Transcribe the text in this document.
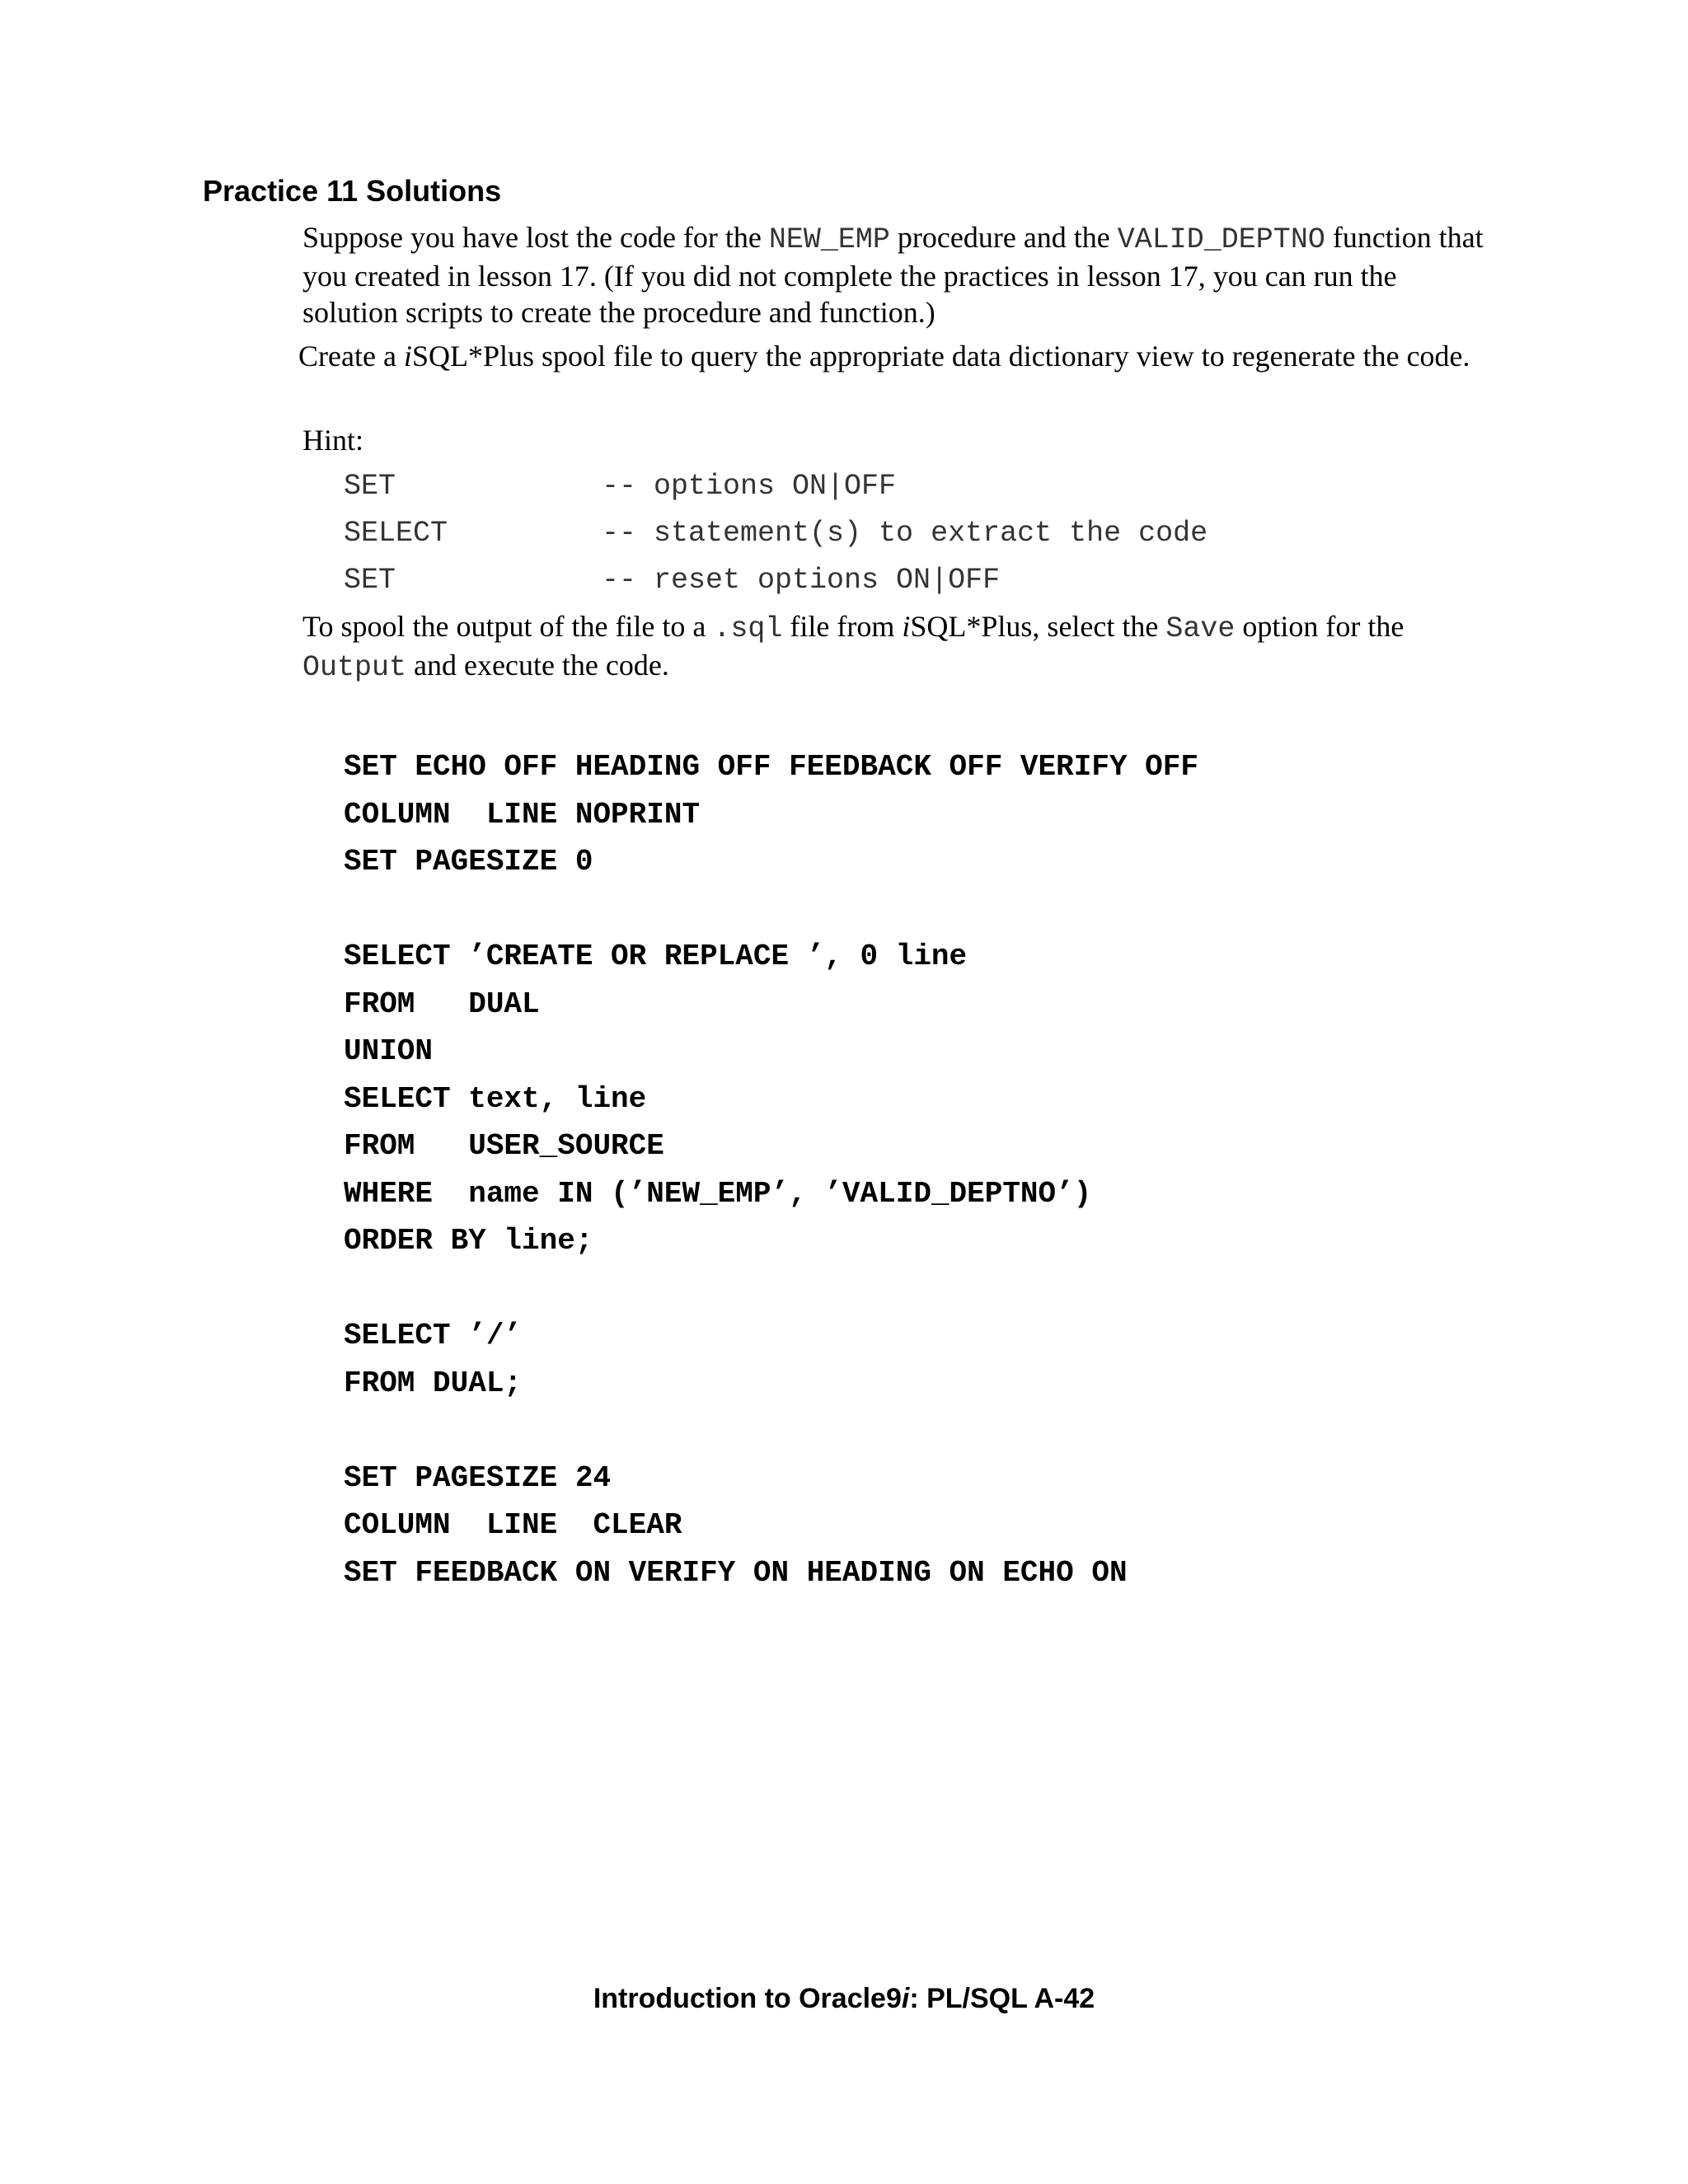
Practice 11 Solutions

Suppose you have lost the code for the NEW_EMP procedure and the VALID_DEPTNO function that you created in lesson 17. (If you did not complete the practices in lesson 17, you can run the solution scripts to create the procedure and function.)

Create a iSQL*Plus spool file to query the appropriate data dictionary view to regenerate the code.

Hint:

SET

	-- options ON|OFF

SELECT

	-- statement(s) to extract the code

SET

	-- reset options ON|OFF

To spool the output of the file to a .sql file from iSQL*Plus, select the Save option for the Output and execute the code.

SET ECHO OFF HEADING OFF FEEDBACK OFF VERIFY OFF
COLUMN  LINE NOPRINT
SET PAGESIZE 0
SELECT ’CREATE OR REPLACE ’, 0 line
FROM   DUAL
UNION
SELECT text, line
FROM   USER_SOURCE
WHERE  name IN (’NEW_EMP’, ’VALID_DEPTNO’)
ORDER BY line;
SELECT ’/’
FROM DUAL;
SET PAGESIZE 24
COLUMN  LINE  CLEAR
SET FEEDBACK ON VERIFY ON HEADING ON ECHO ON

Introduction to Oracle9i: PL/SQL A-42
